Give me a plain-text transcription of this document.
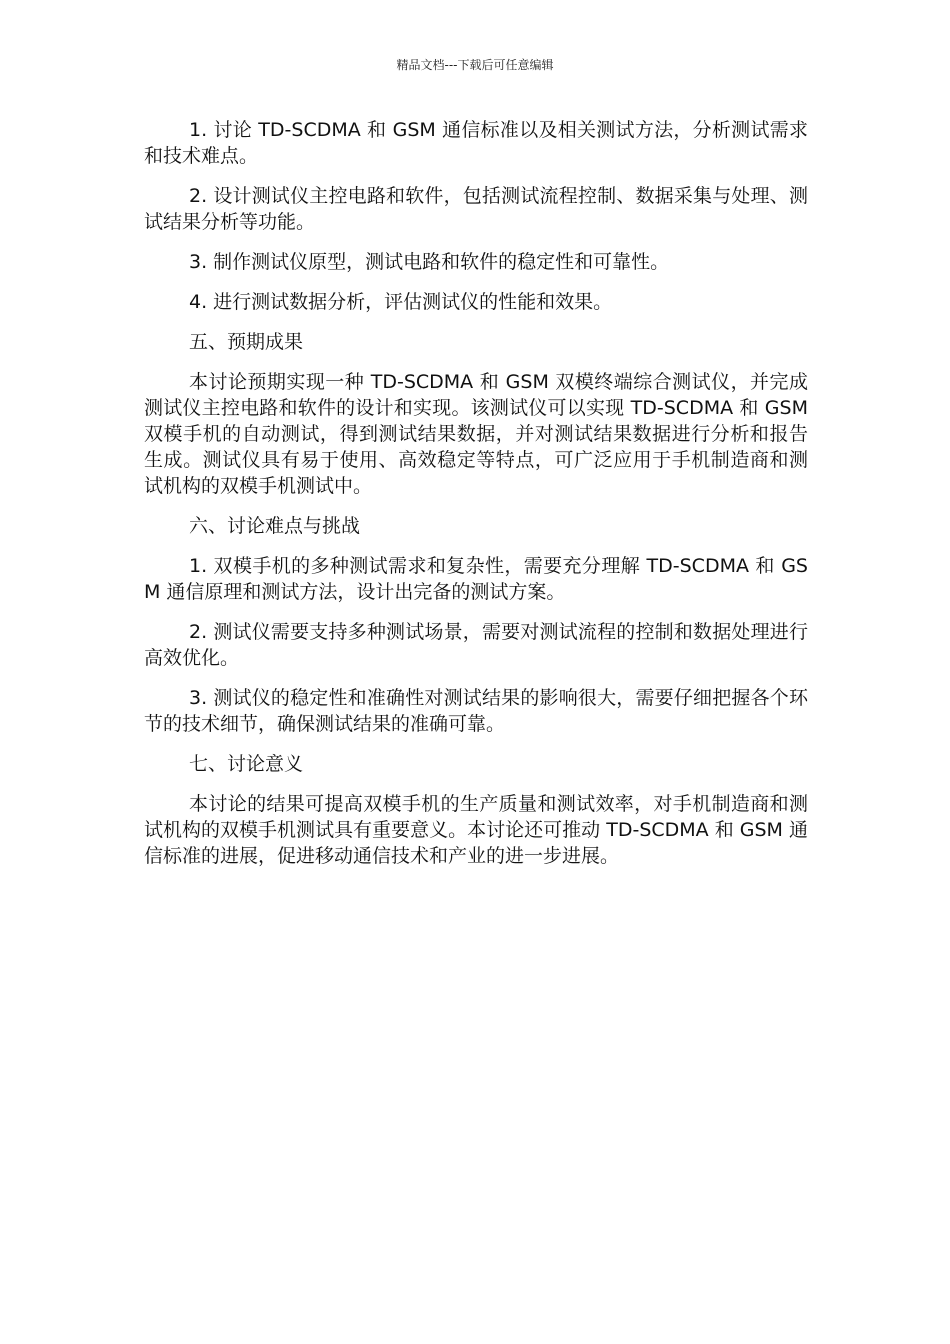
精品文档---下载后可任意编辑

1. 讨论 TD-SCDMA 和 GSM 通信标准以及相关测试方法，分析测试需求和技术难点。

2. 设计测试仪主控电路和软件，包括测试流程控制、数据采集与处理、测试结果分析等功能。

3. 制作测试仪原型，测试电路和软件的稳定性和可靠性。

4. 进行测试数据分析，评估测试仪的性能和效果。

五、预期成果

本讨论预期实现一种 TD-SCDMA 和 GSM 双模终端综合测试仪，并完成测试仪主控电路和软件的设计和实现。该测试仪可以实现 TD-SCDMA 和 GSM 双模手机的自动测试，得到测试结果数据，并对测试结果数据进行分析和报告生成。测试仪具有易于使用、高效稳定等特点，可广泛应用于手机制造商和测试机构的双模手机测试中。

六、讨论难点与挑战

1. 双模手机的多种测试需求和复杂性，需要充分理解 TD-SCDMA 和 GSM 通信原理和测试方法，设计出完备的测试方案。

2. 测试仪需要支持多种测试场景，需要对测试流程的控制和数据处理进行高效优化。

3. 测试仪的稳定性和准确性对测试结果的影响很大，需要仔细把握各个环节的技术细节，确保测试结果的准确可靠。

七、讨论意义

本讨论的结果可提高双模手机的生产质量和测试效率，对手机制造商和测试机构的双模手机测试具有重要意义。本讨论还可推动 TD-SCDMA 和 GSM 通信标准的进展，促进移动通信技术和产业的进一步进展。
